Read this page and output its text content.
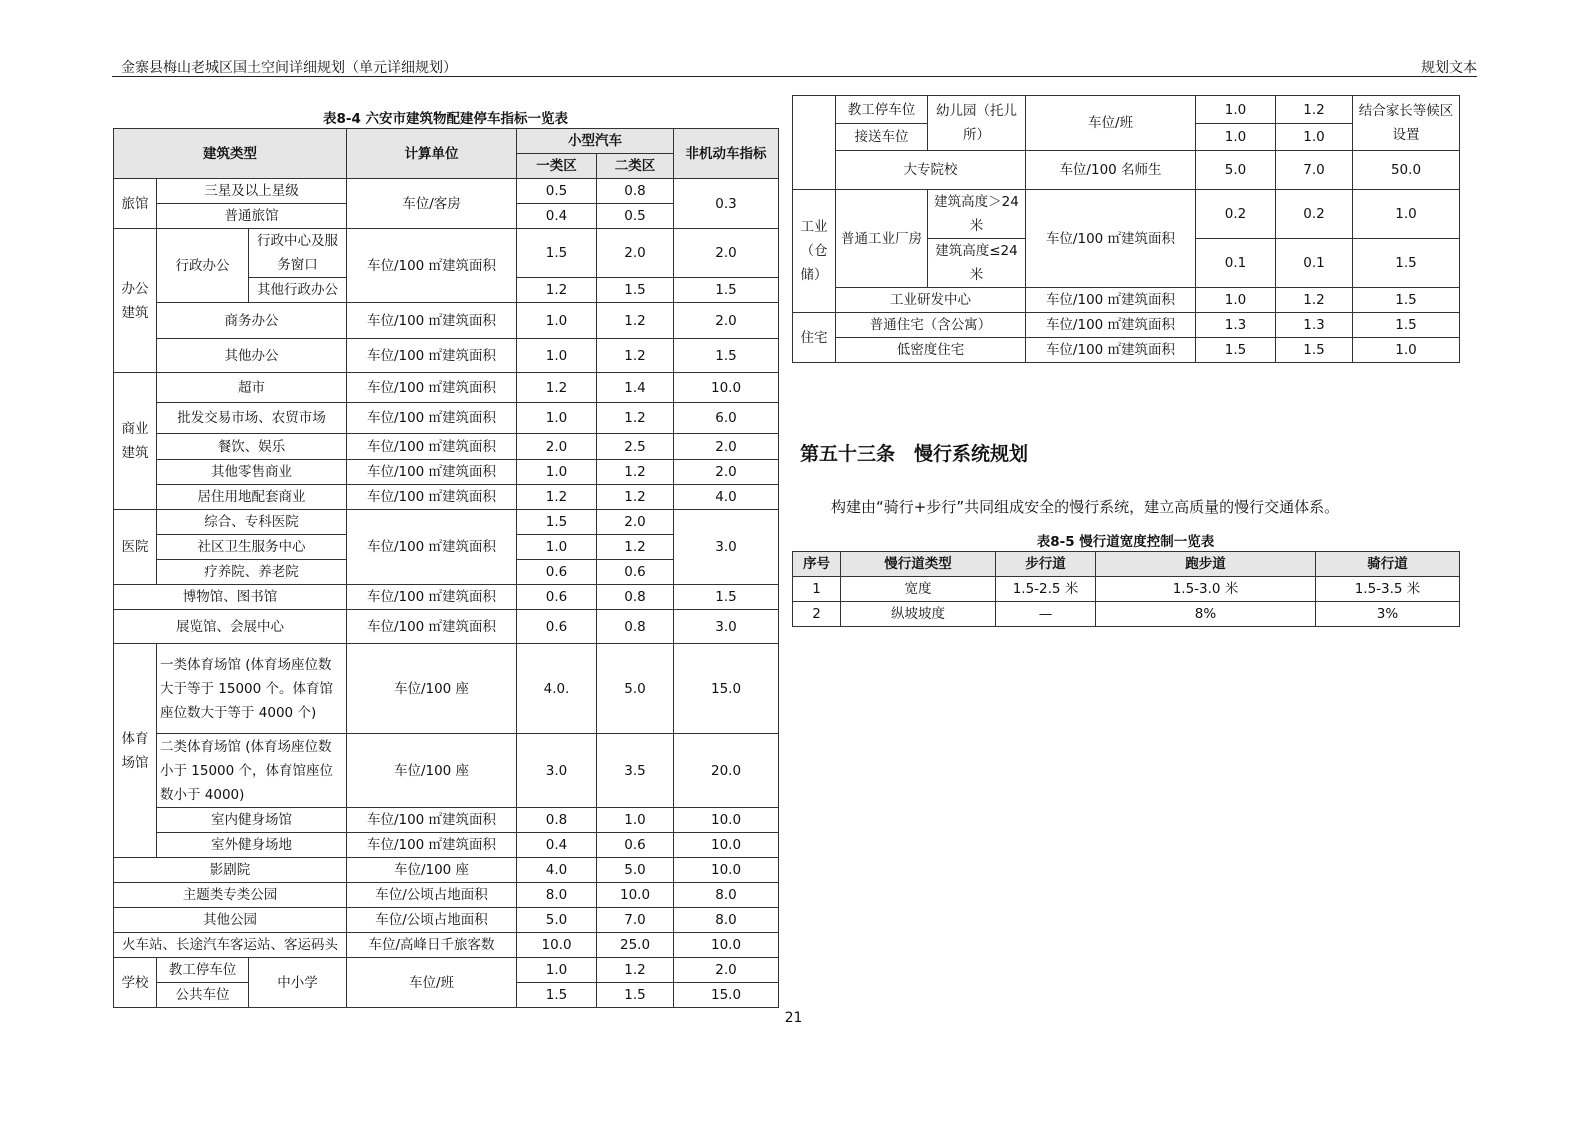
金寨县梅山老城区国土空间详细规划（单元详细规划）	规划文本
表8-4 六安市建筑物配建停车指标一览表
建筑类型			计算单位	小型汽车		非机动车指标
				一类区	二类区	
旅馆	三星及以上星级		车位/客房	0.5	0.8	0.3
	普通旅馆			0.4	0.5	
办公建筑	行政办公	行政中心及服务窗口	车位/100 ㎡建筑面积	1.5	2.0	2.0
		其他行政办公		1.2	1.5	1.5
	商务办公		车位/100 ㎡建筑面积	1.0	1.2	2.0
	其他办公		车位/100 ㎡建筑面积	1.0	1.2	1.5
商业建筑	超市		车位/100 ㎡建筑面积	1.2	1.4	10.0
	批发交易市场、农贸市场		车位/100 ㎡建筑面积	1.0	1.2	6.0
	餐饮、娱乐		车位/100 ㎡建筑面积	2.0	2.5	2.0
	其他零售商业		车位/100 ㎡建筑面积	1.0	1.2	2.0
	居住用地配套商业		车位/100 ㎡建筑面积	1.2	1.2	4.0
医院	综合、专科医院		车位/100 ㎡建筑面积	1.5	2.0	3.0
	社区卫生服务中心			1.0	1.2	
	疗养院、养老院			0.6	0.6	
博物馆、图书馆			车位/100 ㎡建筑面积	0.6	0.8	1.5
展览馆、会展中心			车位/100 ㎡建筑面积	0.6	0.8	3.0
体育场馆	一类体育场馆 (体育场座位数大于等于 15000 个。体育馆座位数大于等于 4000 个)		车位/100 座	4.0.	5.0	15.0
	二类体育场馆 (体育场座位数小于 15000 个，体育馆座位数小于 4000)		车位/100 座	3.0	3.5	20.0
	室内健身场馆		车位/100 ㎡建筑面积	0.8	1.0	10.0
	室外健身场地		车位/100 ㎡建筑面积	0.4	0.6	10.0
影剧院			车位/100 座	4.0	5.0	10.0
主题类专类公园			车位/公顷占地面积	8.0	10.0	8.0
其他公园			车位/公顷占地面积	5.0	7.0	8.0
火车站、长途汽车客运站、客运码头			车位/高峰日千旅客数	10.0	25.0	10.0
学校	教工停车位	中小学	车位/班	1.0	1.2	2.0
	公共车位			1.5	1.5	15.0
	教工停车位	幼儿园（托儿所）	车位/班	1.0	1.2	结合家长等候区设置
	接送车位			1.0	1.0	
	大专院校		车位/100 名师生	5.0	7.0	50.0
工业（仓储）	普通工业厂房	建筑高度＞24 米	车位/100 ㎡建筑面积	0.2	0.2	1.0
		建筑高度≤24 米		0.1	0.1	1.5
	工业研发中心		车位/100 ㎡建筑面积	1.0	1.2	1.5
住宅	普通住宅（含公寓）		车位/100 ㎡建筑面积	1.3	1.3	1.5
	低密度住宅		车位/100 ㎡建筑面积	1.5	1.5	1.0
第五十三条　慢行系统规划
构建由“骑行+步行”共同组成安全的慢行系统，建立高质量的慢行交通体系。
表8-5 慢行道宽度控制一览表
序号	慢行道类型	步行道	跑步道	骑行道
1	宽度	1.5-2.5 米	1.5-3.0 米	1.5-3.5 米
2	纵坡坡度	—	8%	3%
21
